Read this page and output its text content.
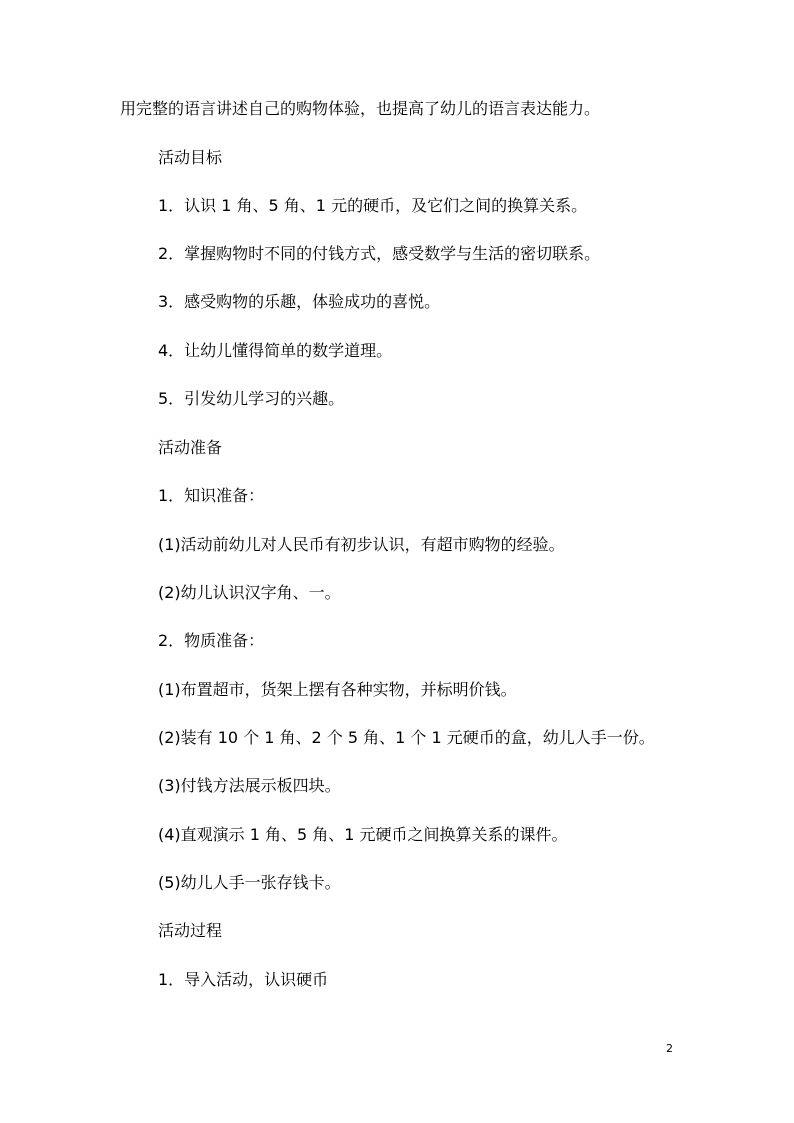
用完整的语言讲述自己的购物体验，也提高了幼儿的语言表达能力。
活动目标
1．认识 1 角、5 角、1 元的硬币，及它们之间的换算关系。
2．掌握购物时不同的付钱方式，感受数学与生活的密切联系。
3．感受购物的乐趣，体验成功的喜悦。
4．让幼儿懂得简单的数学道理。
5．引发幼儿学习的兴趣。
活动准备
1．知识准备：
(1)活动前幼儿对人民币有初步认识，有超市购物的经验。
(2)幼儿认识汉字角、一。
2．物质准备：
(1)布置超市，货架上摆有各种实物，并标明价钱。
(2)装有 10 个 1 角、2 个 5 角、1 个 1 元硬币的盒，幼儿人手一份。
(3)付钱方法展示板四块。
(4)直观演示 1 角、5 角、1 元硬币之间换算关系的课件。
(5)幼儿人手一张存钱卡。
活动过程
1．导入活动，认识硬币
2
